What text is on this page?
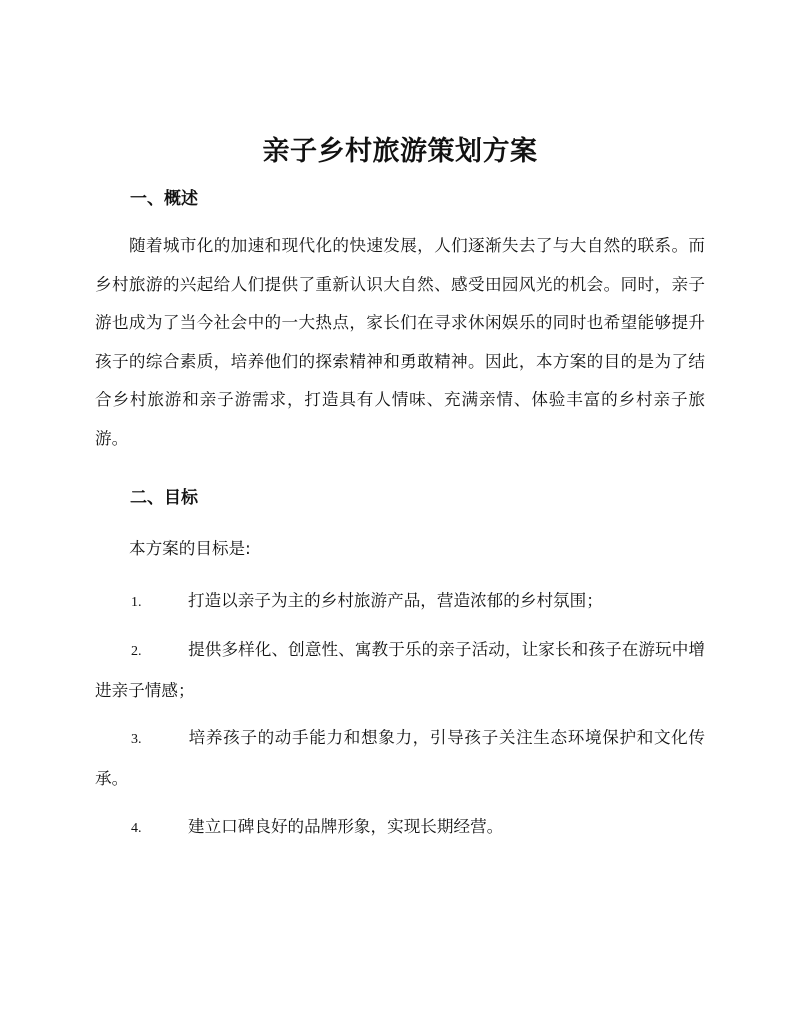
亲子乡村旅游策划方案
一、概述

随着城市化的加速和现代化的快速发展，人们逐渐失去了与大自然的联系。而乡村旅游的兴起给人们提供了重新认识大自然、感受田园风光的机会。同时，亲子游也成为了当今社会中的一大热点，家长们在寻求休闲娱乐的同时也希望能够提升孩子的综合素质，培养他们的探索精神和勇敢精神。因此，本方案的目的是为了结合乡村旅游和亲子游需求，打造具有人情味、充满亲情、体验丰富的乡村亲子旅游。

二、目标

本方案的目标是:

1.	打造以亲子为主的乡村旅游产品，营造浓郁的乡村氛围；

2.	提供多样化、创意性、寓教于乐的亲子活动，让家长和孩子在游玩中增进亲子情感；

3.	培养孩子的动手能力和想象力，引导孩子关注生态环境保护和文化传承。

4.	建立口碑良好的品牌形象，实现长期经营。
